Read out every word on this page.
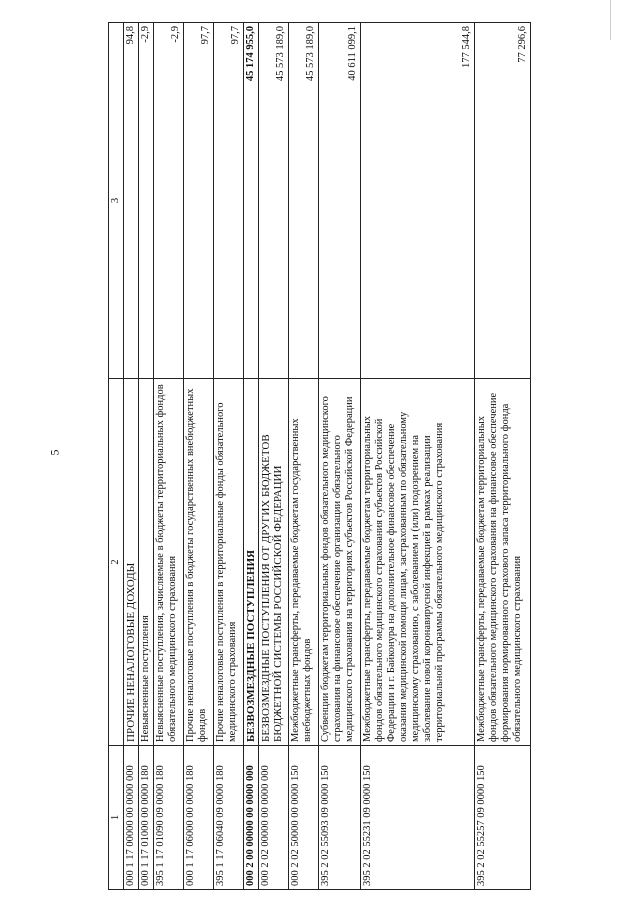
5
1	2	3
000 1 17 00000 00 0000 000	ПРОЧИЕ НЕНАЛОГОВЫЕ ДОХОДЫ	94,8
000 1 17 01000 00 0000 180	Невыясненные поступления	-2,9
395 1 17 01090 09 0000 180	Невыясненные поступления, зачисляемые в бюджеты территориальных фондов обязательного медицинского страхования	-2,9
000 1 17 06000 00 0000 180	Прочие неналоговые поступления в бюджеты государственных внебюджетных фондов	97,7
395 1 17 06040 09 0000 180	Прочие неналоговые поступления в территориальные фонды обязательного медицинского страхования	97,7
000 2 00 00000 00 0000 000	БЕЗВОЗМЕЗДНЫЕ ПОСТУПЛЕНИЯ	45 174 955,0
000 2 02 00000 00 0000 000	БЕЗВОЗМЕЗДНЫЕ ПОСТУПЛЕНИЯ ОТ ДРУГИХ БЮДЖЕТОВ БЮДЖЕТНОЙ СИСТЕМЫ РОССИЙСКОЙ ФЕДЕРАЦИИ	45 573 189,0
000 2 02 50000 00 0000 150	Межбюджетные трансферты, передаваемые бюджетам государственных внебюджетных фондов	45 573 189,0
395 2 02 55093 09 0000 150	Субвенции бюджетам территориальных фондов обязательного медицинского страхования на финансовое обеспечение организации обязательного медицинского страхования на территориях субъектов Российской Федерации	40 611 099,1
395 2 02 55231 09 0000 150	Межбюджетные трансферты, передаваемые бюджетам территориальных фондов обязательного медицинского страхования субъектов Российской Федерации и г. Байконура на дополнительное финансовое обеспечение оказания медицинской помощи лицам, застрахованным по обязательному медицинскому страхованию, с заболеванием и (или) подозрением на заболевание новой коронавирусной инфекцией в рамках реализации территориальной программы обязательного медицинского страхования	177 544,8
395 2 02 55257 09 0000 150	Межбюджетные трансферты, передаваемые бюджетам территориальных фондов обязательного медицинского страхования на финансовое обеспечение формирования нормированного страхового запаса территориального фонда обязательного медицинского страхования	77 296,6
